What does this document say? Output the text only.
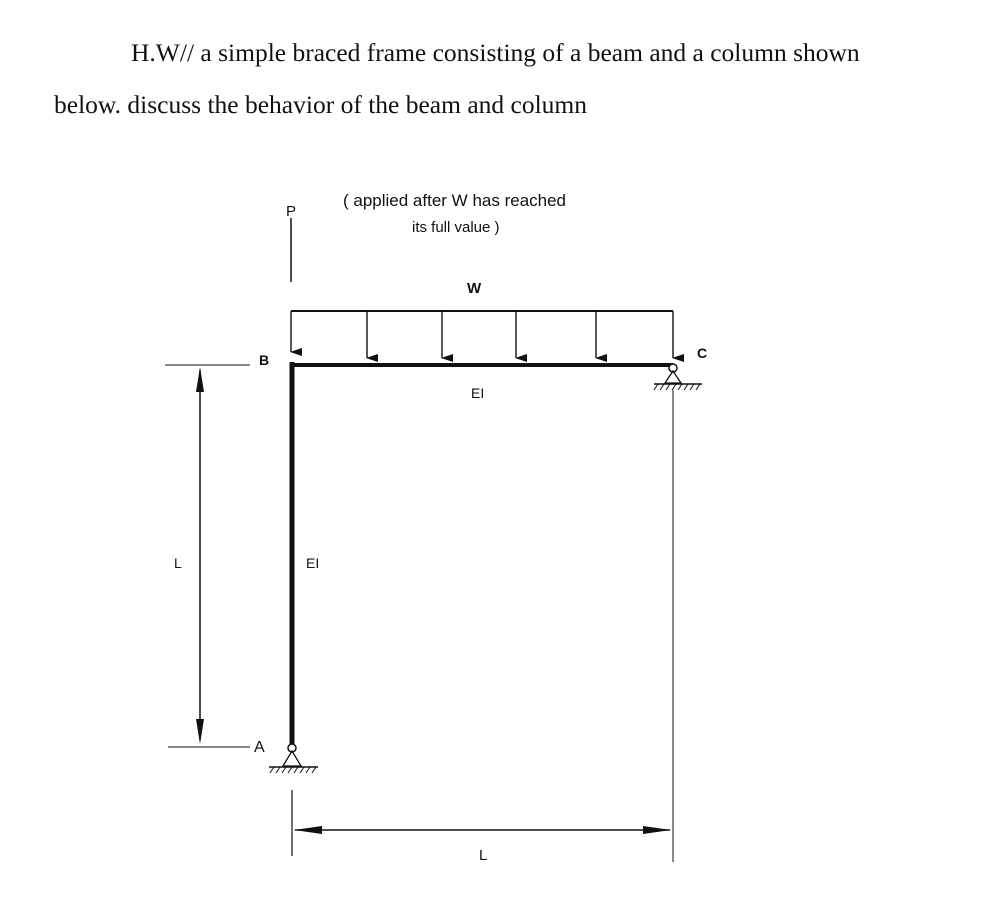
H.W// a simple braced frame consisting of a beam and a column shown
below. discuss the behavior of the beam and column
P
( applied after W has reached
its full value )
W
EI
EI
B	C
A
L
L
